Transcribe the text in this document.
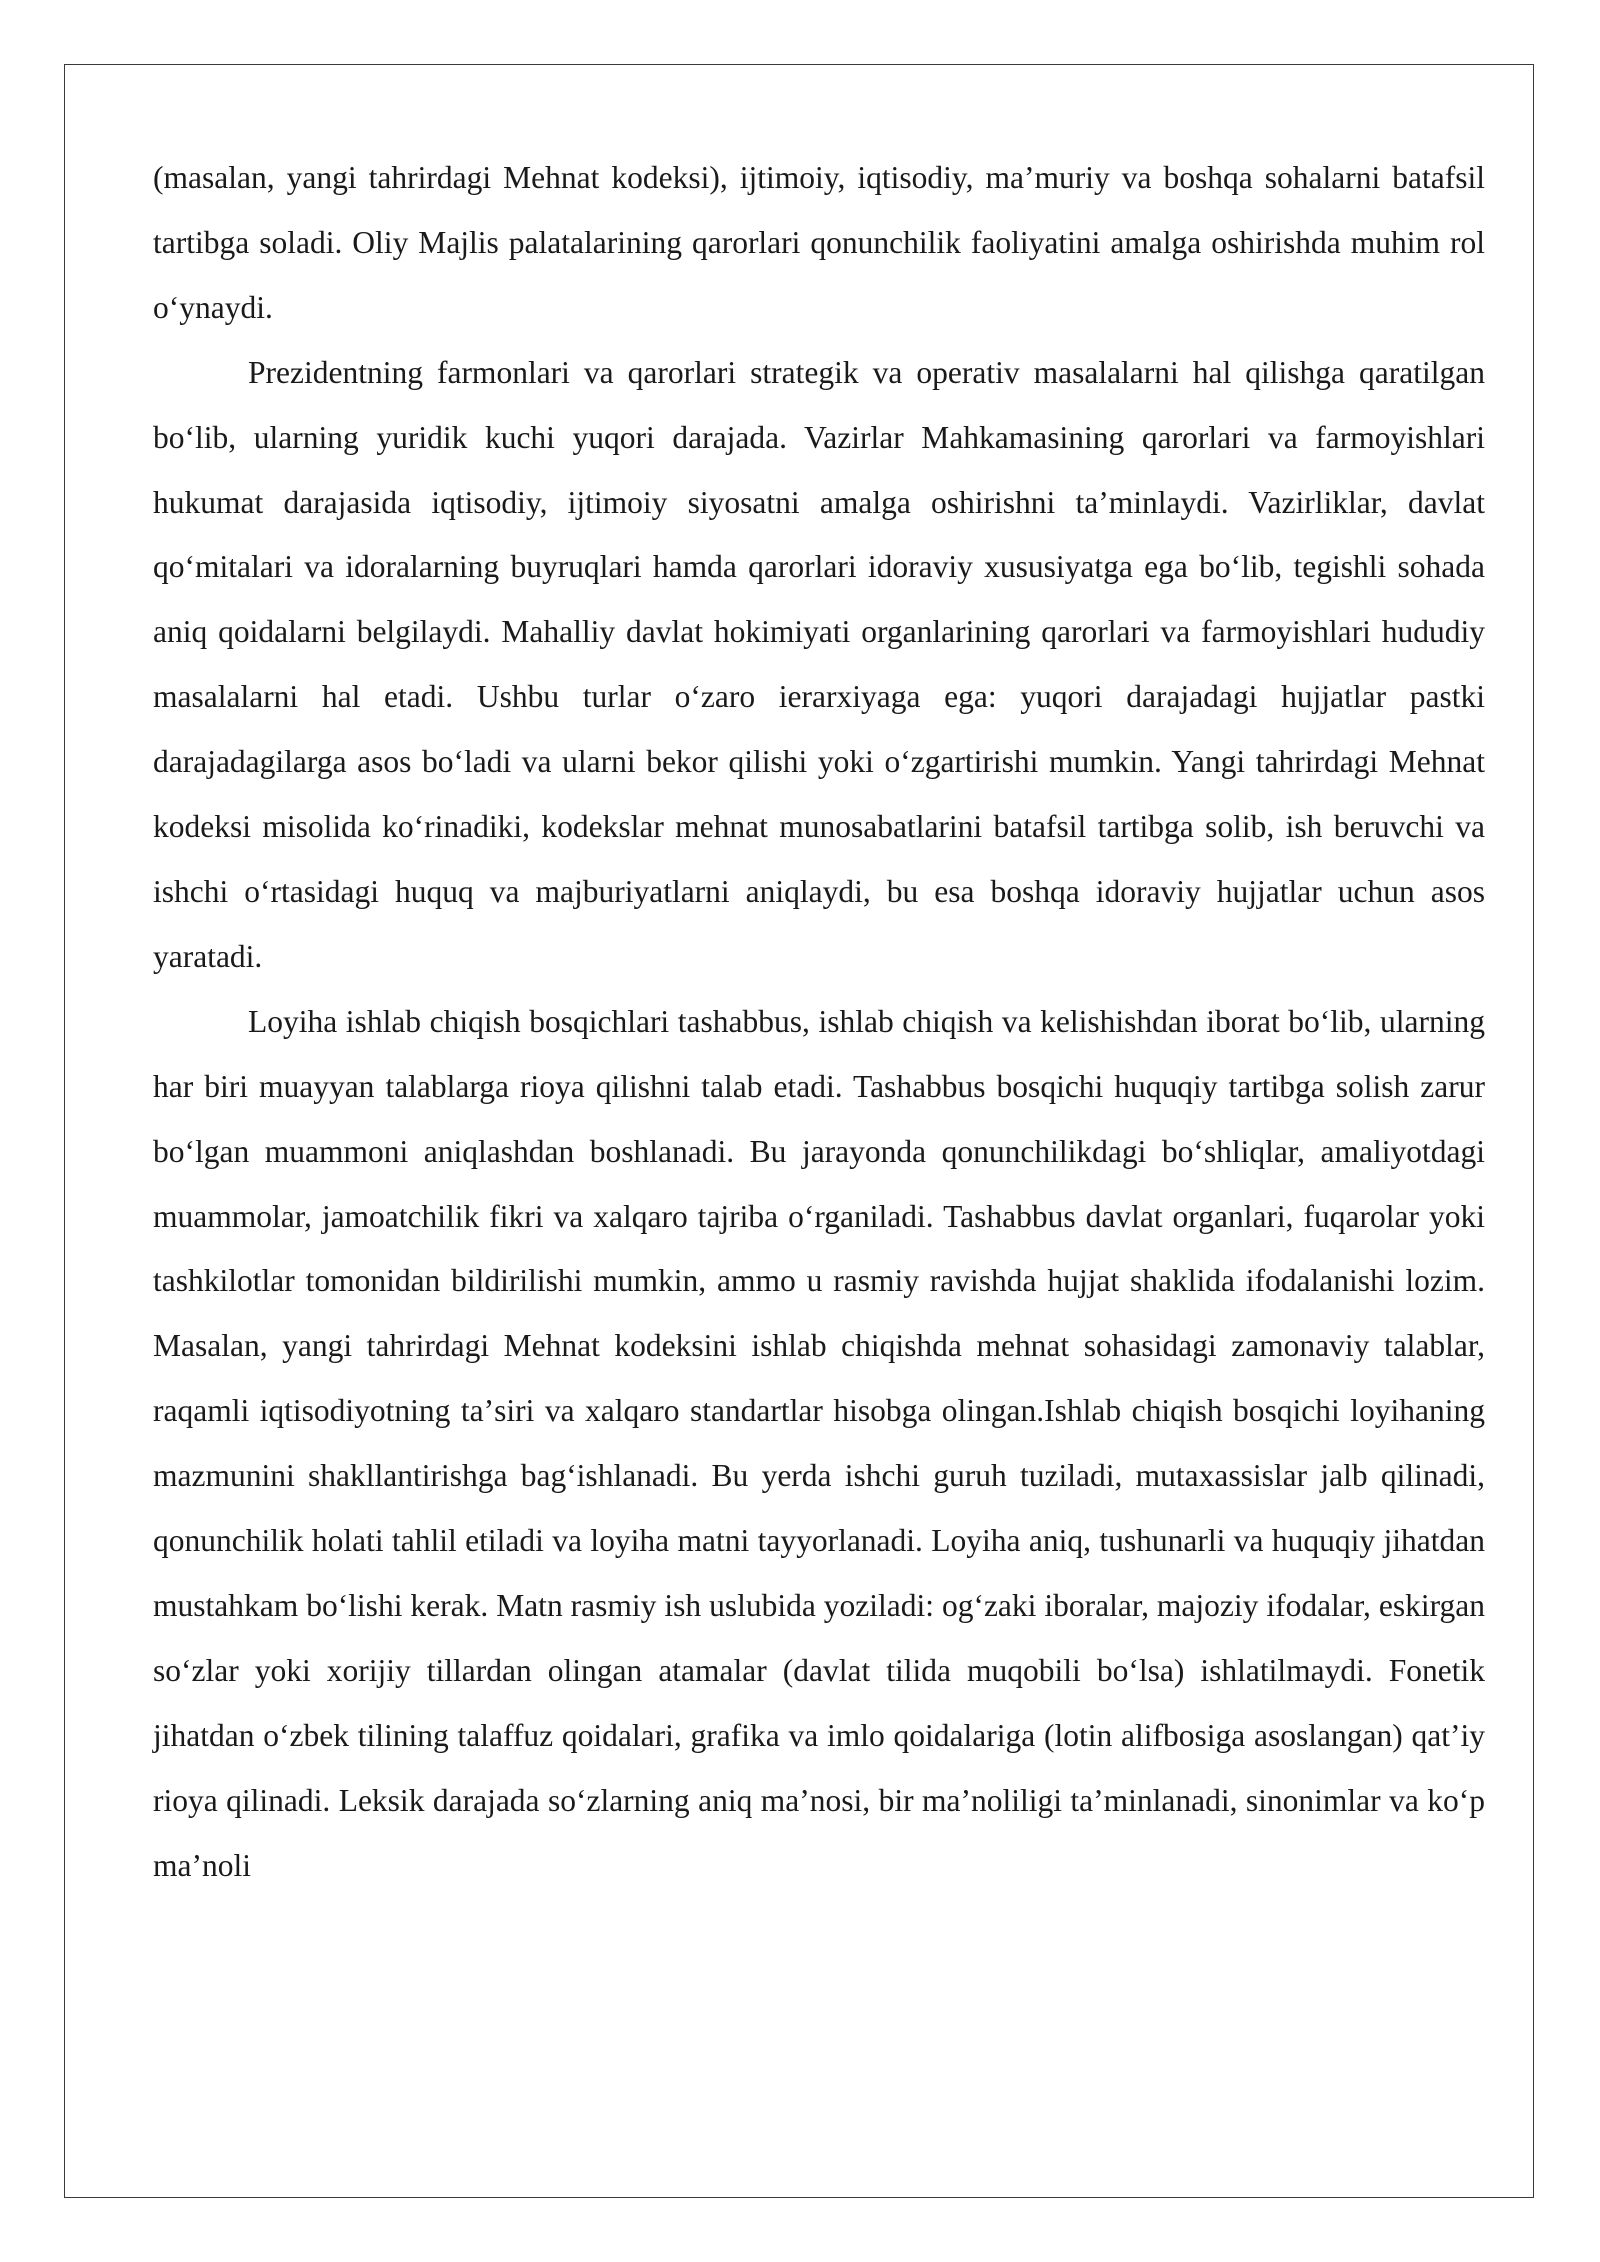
(masalan, yangi tahrirdagi Mehnat kodeksi), ijtimoiy, iqtisodiy, maʼmuriy va boshqa sohalarni batafsil tartibga soladi. Oliy Majlis palatalarining qarorlari qonunchilik faoliyatini amalga oshirishda muhim rol oʻynaydi.

Prezidentning farmonlari va qarorlari strategik va operativ masalalarni hal qilishga qaratilgan boʻlib, ularning yuridik kuchi yuqori darajada. Vazirlar Mahkamasining qarorlari va farmoyishlari hukumat darajasida iqtisodiy, ijtimoiy siyosatni amalga oshirishni taʼminlaydi. Vazirliklar, davlat qoʻmitalari va idoralarning buyruqlari hamda qarorlari idoraviy xususiyatga ega boʻlib, tegishli sohada aniq qoidalarni belgilaydi. Mahalliy davlat hokimiyati organlarining qarorlari va farmoyishlari hududiy masalalarni hal etadi. Ushbu turlar oʻzaro ierarxiyaga ega: yuqori darajadagi hujjatlar pastki darajadagilarga asos boʻladi va ularni bekor qilishi yoki oʻzgartirishi mumkin. Yangi tahrirdagi Mehnat kodeksi misolida koʻrinadiki, kodekslar mehnat munosabatlarini batafsil tartibga solib, ish beruvchi va ishchi oʻrtasidagi huquq va majburiyatlarni aniqlaydi, bu esa boshqa idoraviy hujjatlar uchun asos yaratadi.

Loyiha ishlab chiqish bosqichlari tashabbus, ishlab chiqish va kelishishdan iborat boʻlib, ularning har biri muayyan talablarga rioya qilishni talab etadi. Tashabbus bosqichi huquqiy tartibga solish zarur boʻlgan muammoni aniqlashdan boshlanadi. Bu jarayonda qonunchilikdagi boʻshliqlar, amaliyotdagi muammolar, jamoatchilik fikri va xalqaro tajriba oʻrganiladi. Tashabbus davlat organlari, fuqarolar yoki tashkilotlar tomonidan bildirilishi mumkin, ammo u rasmiy ravishda hujjat shaklida ifodalanishi lozim. Masalan, yangi tahrirdagi Mehnat kodeksini ishlab chiqishda mehnat sohasidagi zamonaviy talablar, raqamli iqtisodiyotning taʼsiri va xalqaro standartlar hisobga olingan.Ishlab chiqish bosqichi loyihaning mazmunini shakllantirishga bagʻishlanadi. Bu yerda ishchi guruh tuziladi, mutaxassislar jalb qilinadi, qonunchilik holati tahlil etiladi va loyiha matni tayyorlanadi. Loyiha aniq, tushunarli va huquqiy jihatdan mustahkam boʻlishi kerak. Matn rasmiy ish uslubida yoziladi: ogʻzaki iboralar, majoziy ifodalar, eskirgan soʻzlar yoki xorijiy tillardan olingan atamalar (davlat tilida muqobili boʻlsa) ishlatilmaydi. Fonetik jihatdan oʻzbek tilining talaffuz qoidalari, grafika va imlo qoidalariga (lotin alifbosiga asoslangan) qatʼiy rioya qilinadi. Leksik darajada soʻzlarning aniq maʼnosi, bir maʼnoliligi taʼminlanadi, sinonimlar va koʻp maʼnoli
